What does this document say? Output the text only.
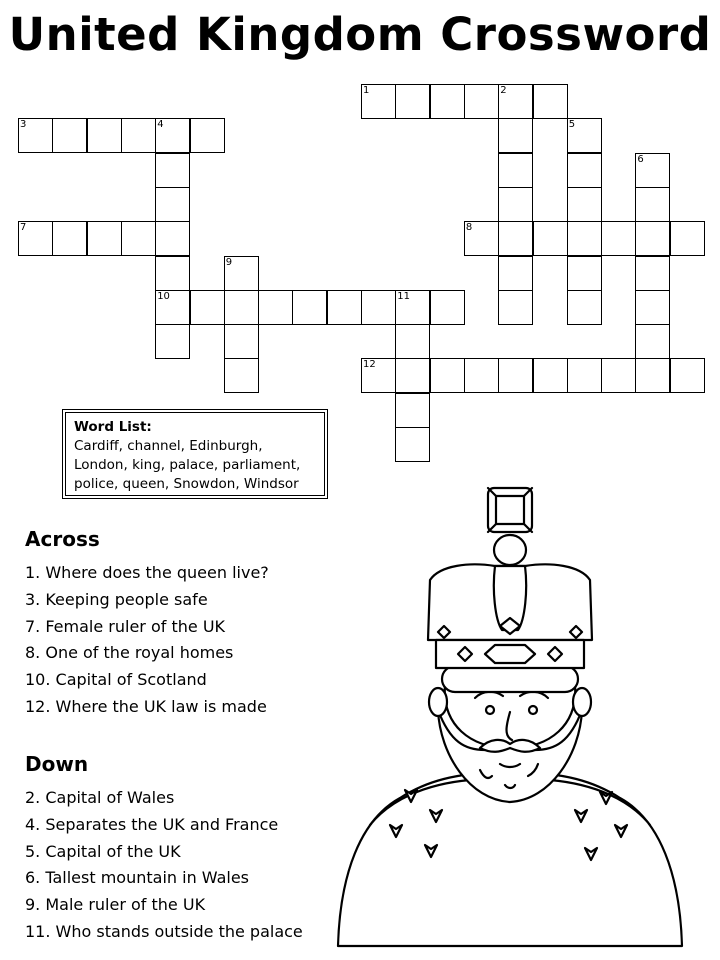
United Kingdom Crossword
1	2
3	4
10
5
6
7	8
9
11
12
Word List:
Cardiff, channel, Edinburgh, London, king, palace, parliament, police, queen, Snowdon, Windsor
Across
1. Where does the queen live?
3. Keeping people safe
7. Female ruler of the UK
8. One of the royal homes
10. Capital of Scotland
12. Where the UK law is made
Down
2. Capital of Wales
4. Separates the UK and France
5. Capital of the UK
6. Tallest mountain in Wales
9. Male ruler of the UK
11. Who stands outside the palace
